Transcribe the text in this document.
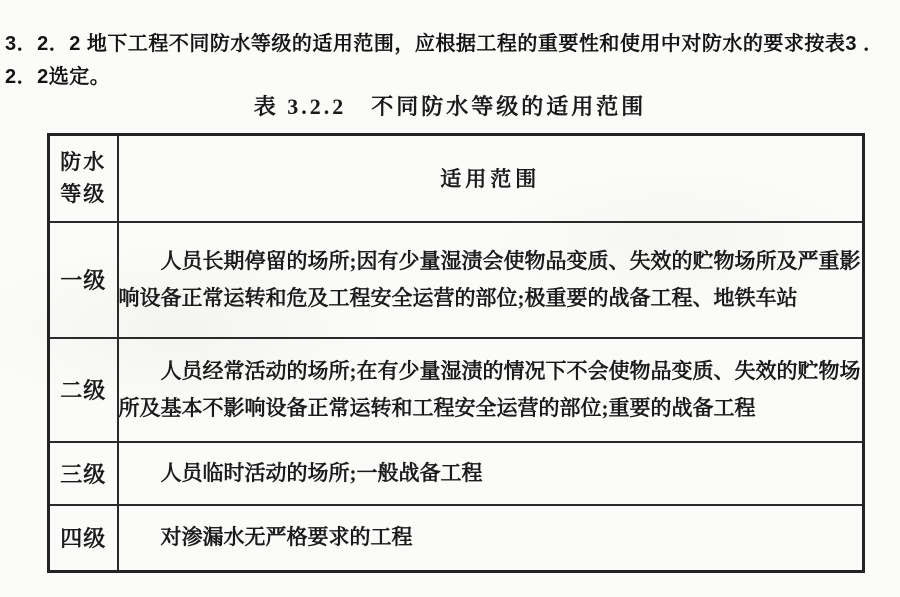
3．2．2 地下工程不同防水等级的适用范围，应根据工程的重要性和使用中对防水的要求按表3 ．
2．2选定。

表 3.2.2　不同防水等级的适用范围
防水
等级	适用范围
一级	人员长期停留的场所;因有少量湿渍会使物品变质、失效的贮物场所及严重影响设备正常运转和危及工程安全运营的部位;极重要的战备工程、地铁车站

二级	人员经常活动的场所;在有少量湿渍的情况下不会使物品变质、失效的贮物场所及基本不影响设备正常运转和工程安全运营的部位;重要的战备工程

三级	人员临时活动的场所;一般战备工程

四级	对渗漏水无严格要求的工程
